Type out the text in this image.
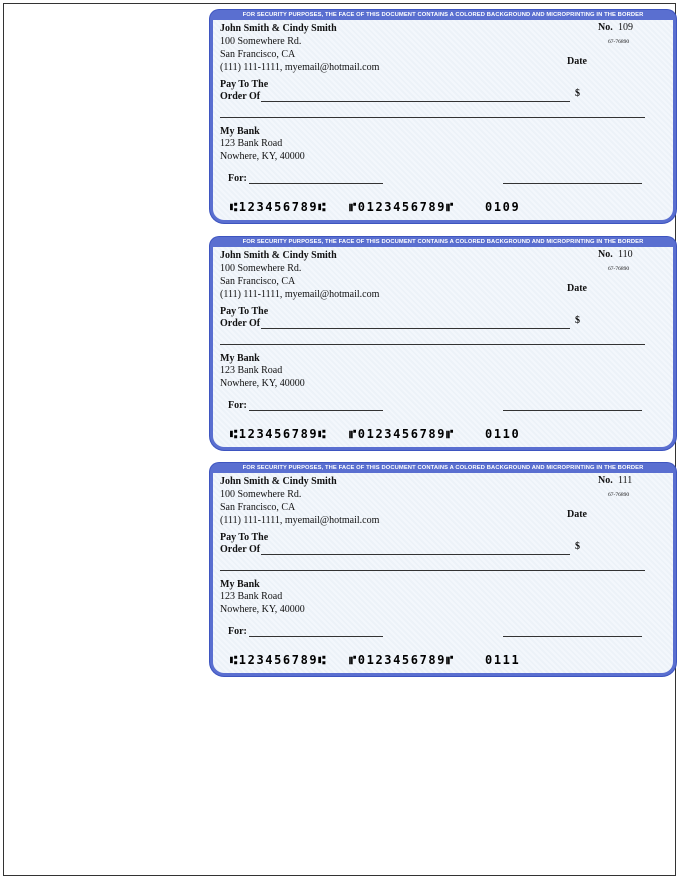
FOR SECURITY PURPOSES, THE FACE OF THIS DOCUMENT CONTAINS A COLORED BACKGROUND AND MICROPRINTING IN THE BORDER
John Smith & Cindy Smith
100 Somewhere Rd.
San Francisco, CA
(111) 111-1111, myemail@hotmail.com
No. 109
67-76890
Date
Pay To The
Order Of	$
My Bank
123 Bank Road
Nowhere, KY, 40000
For:
⑆123456789⑆ ⑈0123456789⑈	0109
FOR SECURITY PURPOSES, THE FACE OF THIS DOCUMENT CONTAINS A COLORED BACKGROUND AND MICROPRINTING IN THE BORDER
John Smith & Cindy Smith
100 Somewhere Rd.
San Francisco, CA
(111) 111-1111, myemail@hotmail.com
No. 110
67-76890
Date
Pay To The
Order Of	$
My Bank
123 Bank Road
Nowhere, KY, 40000
For:
⑆123456789⑆ ⑈0123456789⑈	0110
FOR SECURITY PURPOSES, THE FACE OF THIS DOCUMENT CONTAINS A COLORED BACKGROUND AND MICROPRINTING IN THE BORDER
John Smith & Cindy Smith
100 Somewhere Rd.
San Francisco, CA
(111) 111-1111, myemail@hotmail.com
No. 111
67-76890
Date
Pay To The
Order Of	$
My Bank
123 Bank Road
Nowhere, KY, 40000
For:
⑆123456789⑆ ⑈0123456789⑈	0111
